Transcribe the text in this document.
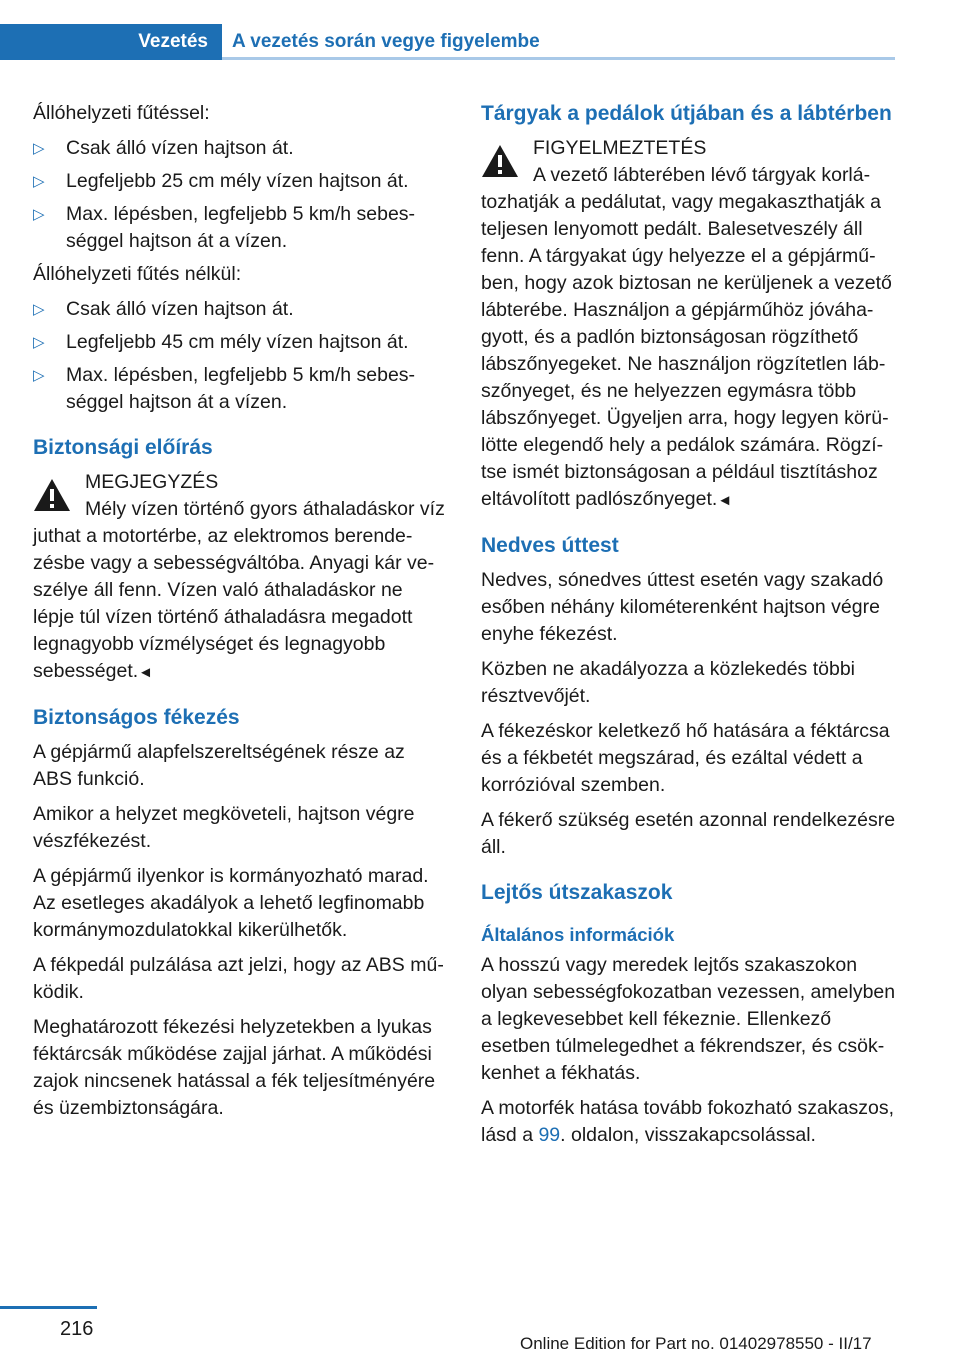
Vezetés	A vezetés során vegye figyelembe

Állóhelyzeti fűtéssel:

▷ Csak álló vízen hajtson át.
▷ Legfeljebb 25 cm mély vízen hajtson át.
▷ Max. lépésben, legfeljebb 5 km/h sebességgel hajtson át a vízen.

Állóhelyzeti fűtés nélkül:

▷ Csak álló vízen hajtson át.
▷ Legfeljebb 45 cm mély vízen hajtson át.
▷ Max. lépésben, legfeljebb 5 km/h sebességgel hajtson át a vízen.
Biztonsági előírás
MEGJEGYZÉS
Mély vízen történő gyors áthaladáskor víz juthat a motortérbe, az elektromos berendezésbe vagy a sebességváltóba. Anyagi kár veszélye áll fenn. Vízen való áthaladáskor ne lépje túl vízen történő áthaladásra megadott legnagyobb vízmélységet és legnagyobb sebességet.◄
Biztonságos fékezés

A gépjármű alapfelszereltségének része az ABS funkció.

Amikor a helyzet megköveteli, hajtson végre vészfékezést.

A gépjármű ilyenkor is kormányozható marad. Az esetleges akadályok a lehető legfinomabb kormánymozdulatokkal kikerülhetők.

A fékpedál pulzálása azt jelzi, hogy az ABS működik.

Meghatározott fékezési helyzetekben a lyukas féktárcsák működése zajjal járhat. A működési zajok nincsenek hatással a fék teljesítményére és üzembiztonságára.

Tárgyak a pedálok útjában és a lábtérben
FIGYELMEZTETÉS
A vezető lábterében lévő tárgyak korlátozhatják a pedálutat, vagy megakaszthatják a teljesen lenyomott pedált. Balesetveszély áll fenn. A tárgyakat úgy helyezze el a gépjárműben, hogy azok biztosan ne kerüljenek a vezető lábterébe. Használjon a gépjárműhöz jóváhagyott, és a padlón biztonságosan rögzíthető lábszőnyegeket. Ne használjon rögzítetlen lábszőnyeget, és ne helyezzen egymásra több lábszőnyeget. Ügyeljen arra, hogy legyen körülötte elegendő hely a pedálok számára. Rögzítse ismét biztonságosan a például tisztításhoz eltávolított padlószőnyeget.◄
Nedves úttest

Nedves, sónedves úttest esetén vagy szakadó esőben néhány kilométerenként hajtson végre enyhe fékezést.

Közben ne akadályozza a közlekedés többi résztvevőjét.

A fékezéskor keletkező hő hatására a féktárcsa és a fékbetét megszárad, és ezáltal védett a korrózióval szemben.

A fékerő szükség esetén azonnal rendelkezésre áll.

Lejtős útszakaszok
Általános információk

A hosszú vagy meredek lejtős szakaszokon olyan sebességfokozatban vezessen, amelyben a legkevesebbet kell fékeznie. Ellenkező esetben túlmelegedhet a fékrendszer, és csökkenhet a fékhatás.

A motorfék hatása tovább fokozható szakaszos, lásd a 99. oldalon, visszakapcsolással.

216
Online Edition for Part no. 01402978550 - II/17
